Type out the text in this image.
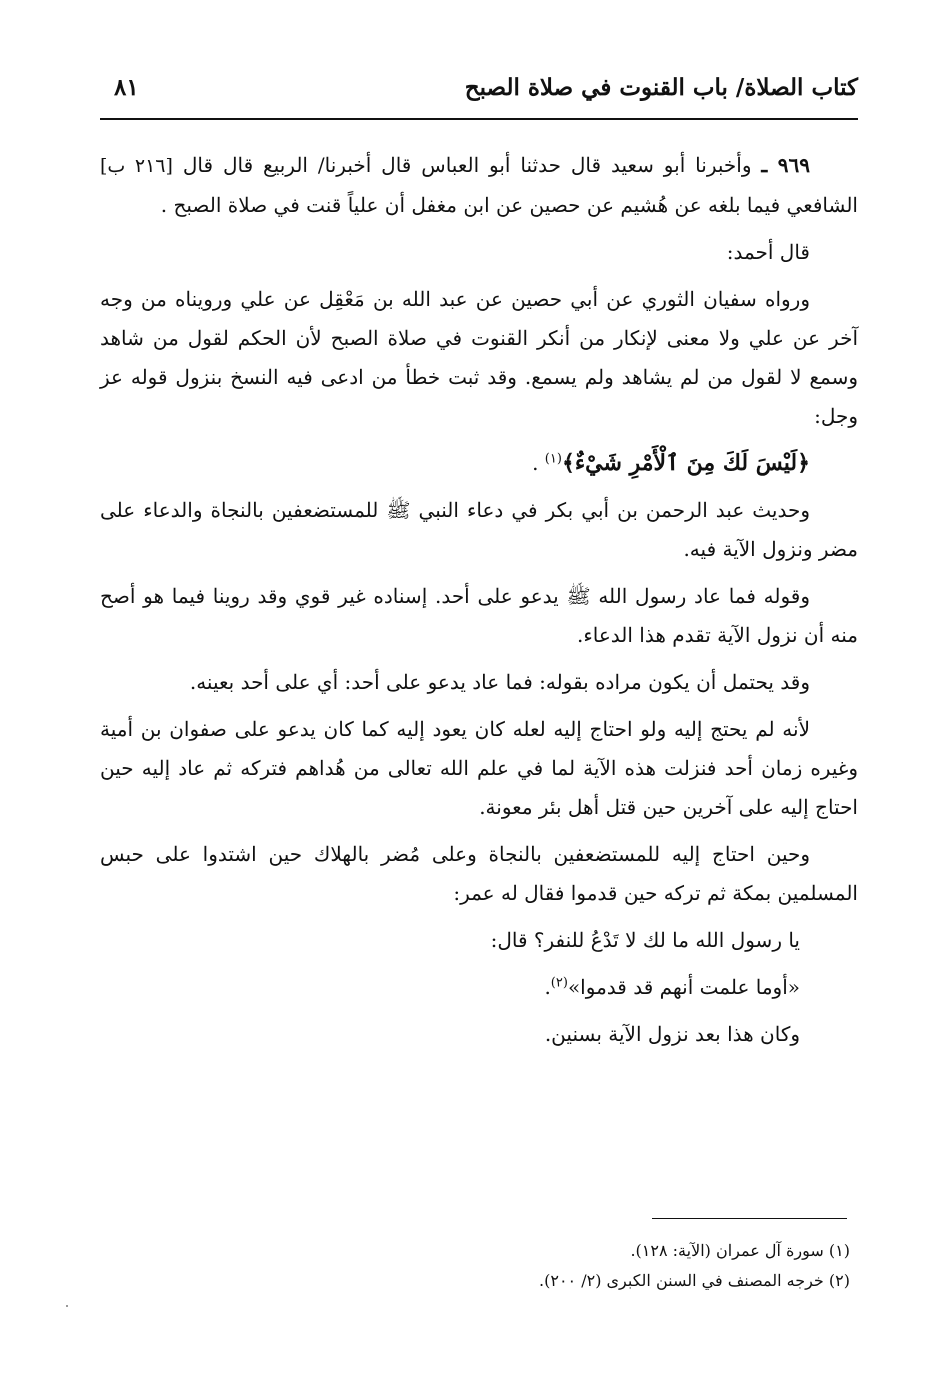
كتاب الصلاة/ باب القنوت في صلاة الصبح
٨١

٩٦٩ ـ وأخبرنا أبو سعيد قال حدثنا أبو العباس قال أخبرنا/ الربيع قال قال [٢١٦ ب] الشافعي فيما بلغه عن هُشيم عن حصين عن ابن مغفل أن علياً قنت في صلاة الصبح .

قال أحمد:

ورواه سفيان الثوري عن أبي حصين عن عبد الله بن مَعْقِل عن علي ورويناه من وجه آخر عن علي ولا معنى لإنكار من أنكر القنوت في صلاة الصبح لأن الحكم لقول من شاهد وسمع لا لقول من لم يشاهد ولم يسمع. وقد ثبت خطأ من ادعى فيه النسخ بنزول قوله عز وجل:

﴿لَيْسَ لَكَ مِنَ ٱلْأَمْرِ شَيْءٌ﴾$^{(١)}$ .

وحديث عبد الرحمن بن أبي بكر في دعاء النبي ﷺ للمستضعفين بالنجاة والدعاء على مضر ونزول الآية فيه.

وقوله فما عاد رسول الله ﷺ يدعو على أحد. إسناده غير قوي وقد روينا فيما هو أصح منه أن نزول الآية تقدم هذا الدعاء.

وقد يحتمل أن يكون مراده بقوله: فما عاد يدعو على أحد: أي على أحد بعينه.

لأنه لم يحتج إليه ولو احتاج إليه لعله كان يعود إليه كما كان يدعو على صفوان بن أمية وغيره زمان أحد فنزلت هذه الآية لما في علم الله تعالى من هُداهم فتركه ثم عاد إليه حين احتاج إليه على آخرين حين قتل أهل بئر معونة.

وحين احتاج إليه للمستضعفين بالنجاة وعلى مُضر بالهلاك حين اشتدوا على حبس المسلمين بمكة ثم تركه حين قدموا فقال له عمر:

يا رسول الله ما لك لا تَدْعُ للنفر؟ قال:

«أوما علمت أنهم قد قدموا»$^{(٢)}$.

وكان هذا بعد نزول الآية بسنين.

(١) سورة آل عمران (الآية: ١٢٨).

(٢) خرجه المصنف في السنن الكبرى (٢/ ٢٠٠).
